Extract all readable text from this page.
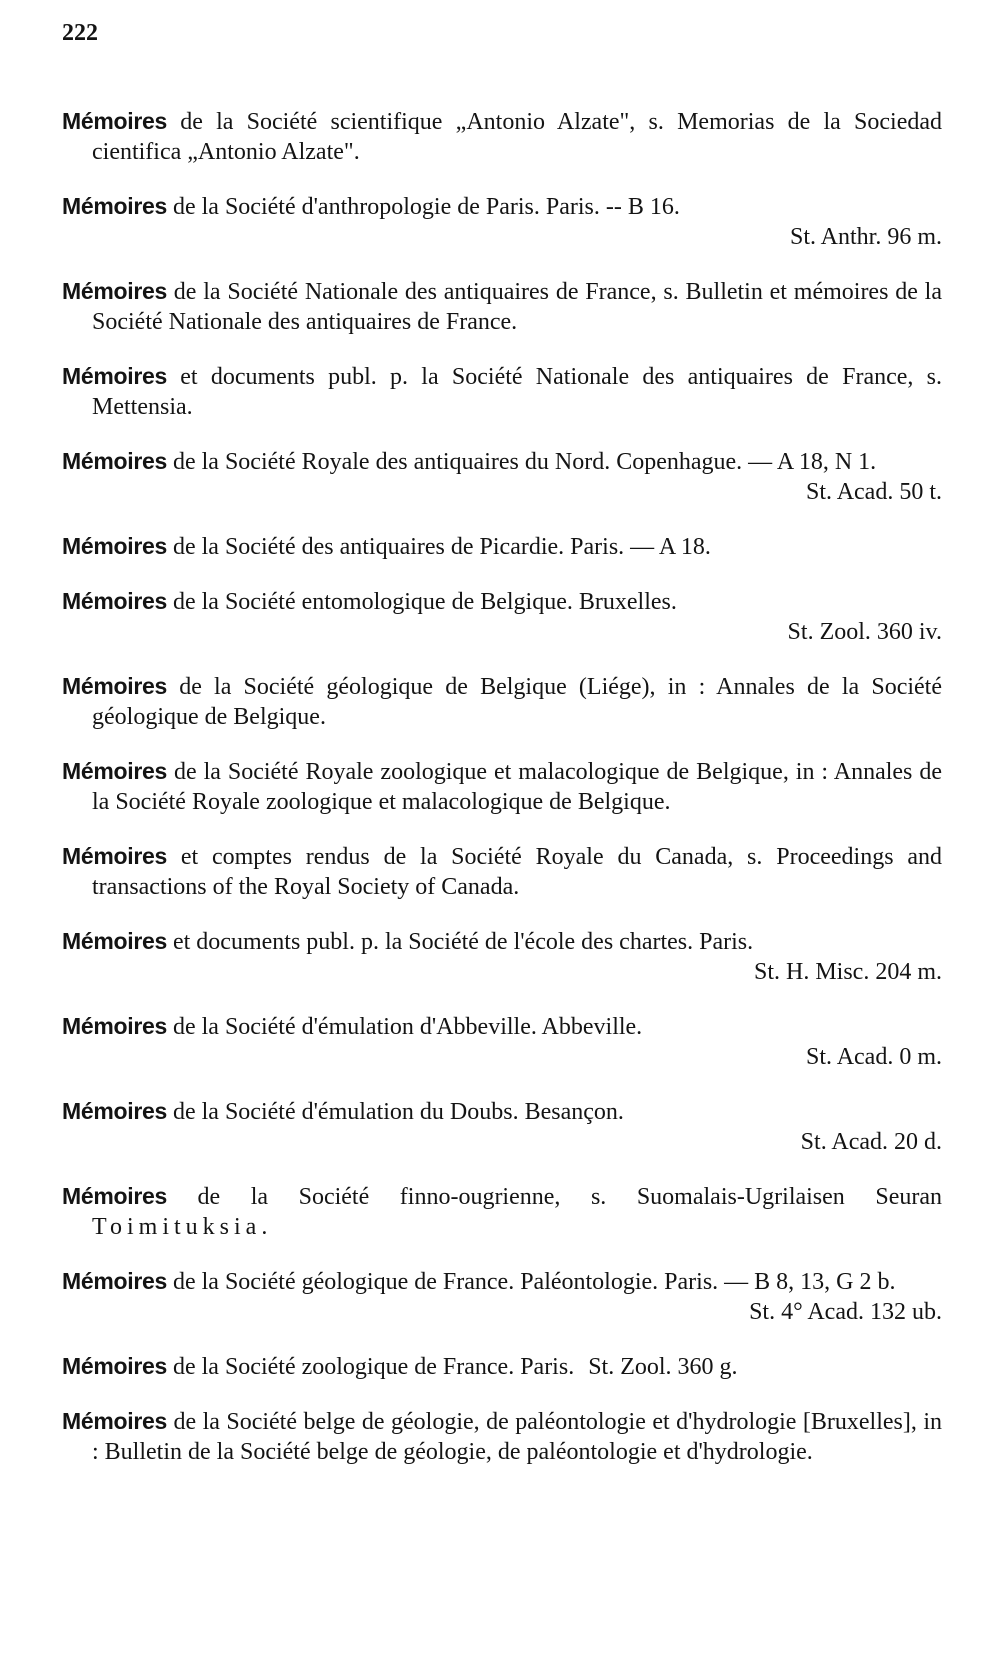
222

Mémoires de la Société scientifique „Antonio Alzate", s. Memorias de la Sociedad cientifica „Antonio Alzate".

Mémoires de la Société d'anthropologie de Paris. Paris. -- B 16.
St. Anthr. 96 m.

Mémoires de la Société Nationale des antiquaires de France, s. Bulletin et mémoires de la Société Nationale des antiquaires de France.

Mémoires et documents publ. p. la Société Nationale des antiquaires de France, s. Mettensia.

Mémoires de la Société Royale des antiquaires du Nord. Copenhague. — A 18, N 1.
St. Acad. 50 t.

Mémoires de la Société des antiquaires de Picardie. Paris. — A 18.

Mémoires de la Société entomologique de Belgique. Bruxelles.
St. Zool. 360 iv.

Mémoires de la Société géologique de Belgique (Liége), in : Annales de la Société géologique de Belgique.

Mémoires de la Société Royale zoologique et malacologique de Belgique, in : Annales de la Société Royale zoologique et malacologique de Belgique.

Mémoires et comptes rendus de la Société Royale du Canada, s. Proceedings and transactions of the Royal Society of Canada.

Mémoires et documents publ. p. la Société de l'école des chartes. Paris.
St. H. Misc. 204 m.

Mémoires de la Société d'émulation d'Abbeville. Abbeville.
St. Acad. 0 m.

Mémoires de la Société d'émulation du Doubs. Besançon.
St. Acad. 20 d.

Mémoires de la Société finno-ougrienne, s. Suomalais-Ugrilaisen Seuran Toimituksia.

Mémoires de la Société géologique de France. Paléontologie. Paris. — B 8, 13, G 2 b.
St. 4° Acad. 132 ub.

Mémoires de la Société zoologique de France. Paris. St. Zool. 360 g.

Mémoires de la Société belge de géologie, de paléontologie et d'hydrologie [Bruxelles], in : Bulletin de la Société belge de géologie, de paléontologie et d'hydrologie.
